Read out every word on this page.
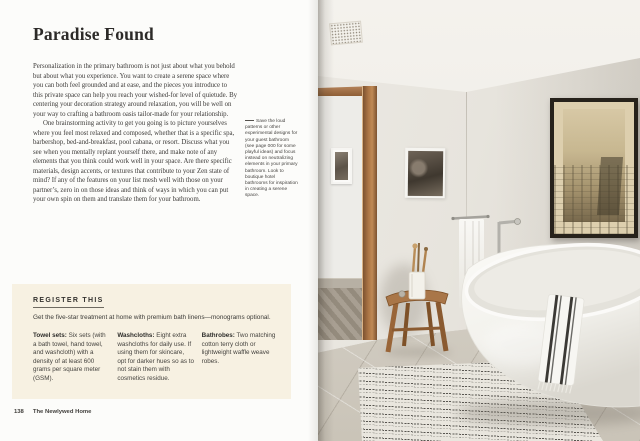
Paradise Found

Personalization in the primary bathroom is not just about what you behold but about what you experience. You want to create a serene space where you can both feel grounded and at ease, and the pieces you introduce to this private space can help you reach your wished-for level of quietude. By centering your decoration strategy around relaxation, you will be well on your way to crafting a bathroom oasis tailor-made for your relationship.

One brainstorming activity to get you going is to picture yourselves where you feel most relaxed and composed, whether that is a specific spa, barbershop, bed-and-breakfast, pool cabana, or resort. Discuss what you see when you mentally replant yourself there, and make note of any elements that you think could work well in your space. Are there specific materials, design accents, or textures that contribute to your Zen state of mind? If any of the features on your list mesh well with those on your partner’s, zero in on those ideas and think of ways in which you can put your own spin on them and translate them for your bathroom.

Save the loud patterns or other experimental designs for your guest bathroom (see page 000 for some playful ideas) and focus instead on neutralizing elements in your primary bathroom. Look to boutique hotel bathrooms for inspiration in creating a serene space.
REGISTER THIS

Get the five-star treatment at home with premium bath linens—monograms optional.

Towel sets: Six sets (with a bath towel, hand towel, and washcloth) with a density of at least 600 grams per square meter (GSM).
Washcloths: Eight extra washcloths for daily use. If using them for skincare, opt for darker hues so as to not stain them with cosmetics residue.
Bathrobes: Two matching cotton terry cloth or lightweight waffle weave robes.
138 The Newlywed Home
